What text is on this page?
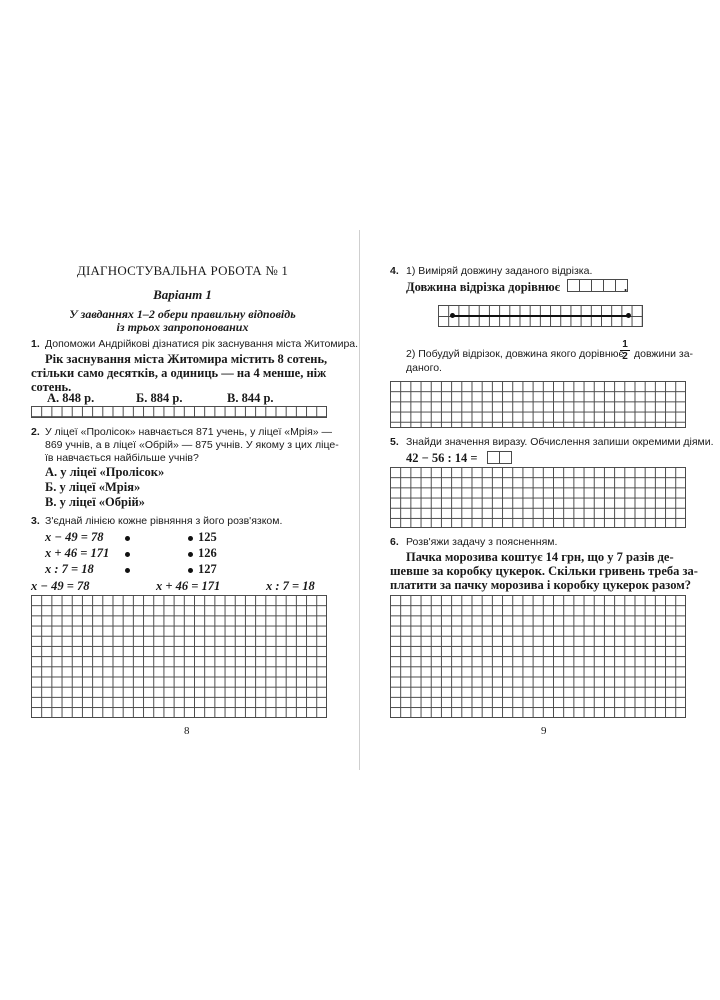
ДІАГНОСТУВАЛЬНА РОБОТА № 1
Варіант 1
У завданнях 1–2 обери правильну відповідь
із трьох запропонованих
1. Допоможи Андрійкові дізнатися рік заснування міста Житомира.
Рік заснування міста Житомира містить 8 сотень,
стільки само десятків, а одиниць — на 4 менше, ніж
сотень.
А. 848 р.	Б. 884 р.	В. 844 р.
2. У ліцеї «Пролісок» навчається 871 учень, у ліцеї «Мрія» —
869 учнів, а в ліцеї «Обрій» — 875 учнів. У якому з цих ліце-
їв навчається найбільше учнів?
А. у ліцеї «Пролісок»
Б. у ліцеї «Мрія»
В. у ліцеї «Обрій»
3. З'єднай лінією кожне рівняння з його розв'язком.
x − 49 = 78
x + 46 = 171
x : 7 = 18
125
126
127
x − 49 = 78	x + 46 = 171	x : 7 = 18
8
4. 1) Виміряй довжину заданого відрізка.
Довжина відрізка дорівнює	.
2) Побудуй відрізок, довжина якого дорівнює
$\frac{1}{2}$ довжини за-
даного.
5. Знайди значення виразу. Обчислення запиши окремими діями.
42 − 56 : 14 =
6. Розв'яжи задачу з поясненням.
Пачка морозива коштує 14 грн, що у 7 разів де-
шевше за коробку цукерок. Скільки гривень треба за-
платити за пачку морозива і коробку цукерок разом?
9
